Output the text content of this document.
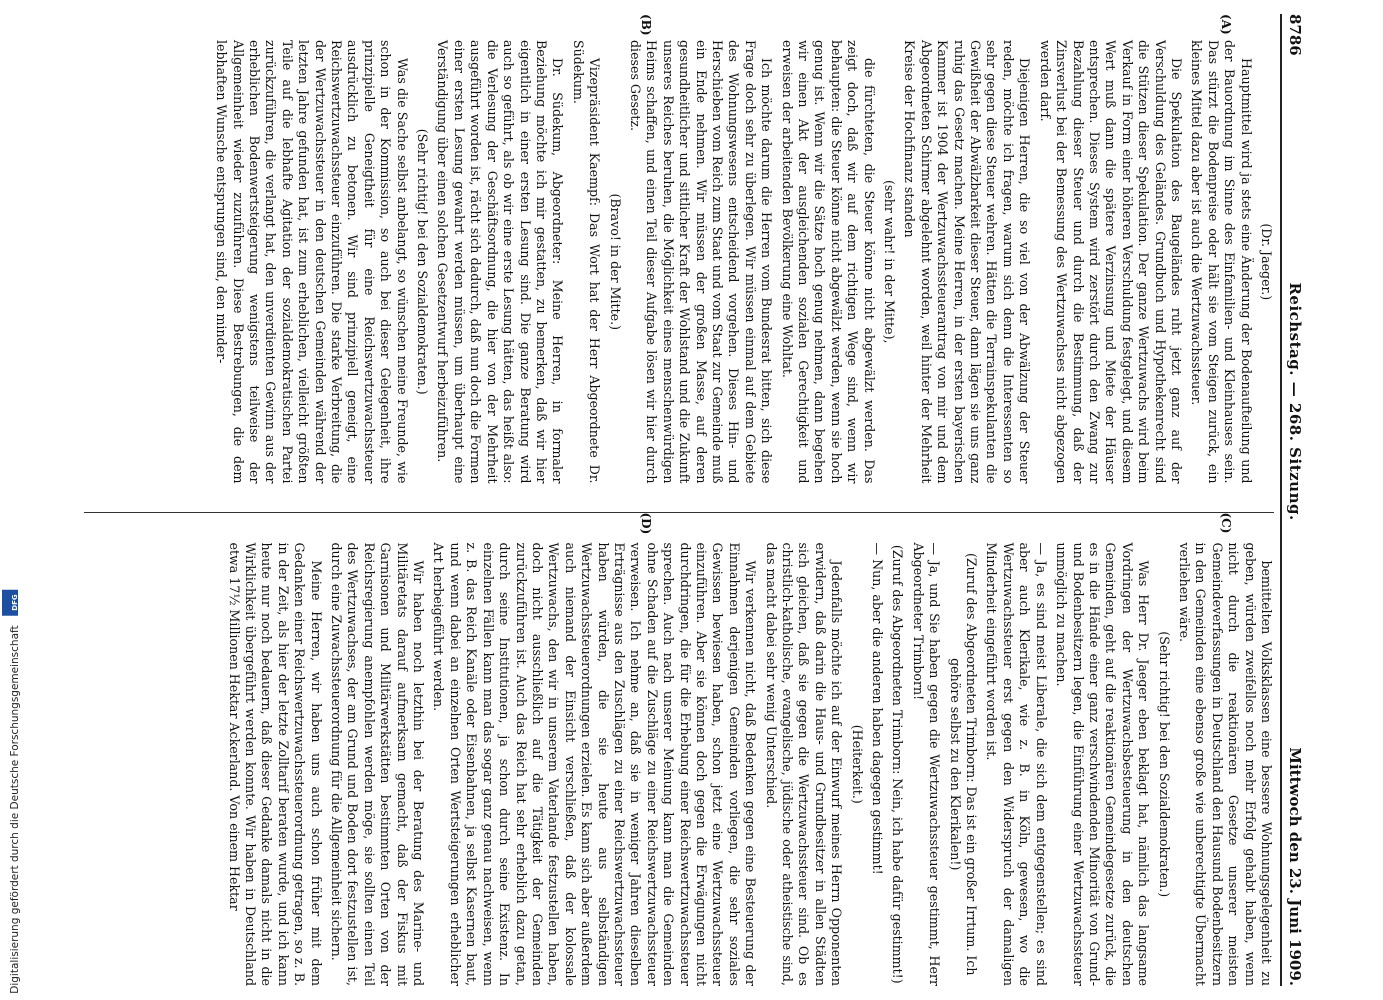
Digitalisierung gefördert durch die Deutsche Forschungsgemeinschaft DFG
8786
Reichstag. — 268. Sitzung.
Mittwoch den 23. Juni 1909.
(A)
(B)

(Dr. Jaeger.)

Hauptmittel wird ja stets eine Änderung der Bodenaufteilung und der Bauordnung im Sinne des Einfamilien- und Kleinhauses sein. Das stürzt die Bodenpreise oder hält sie vom Steigen zurück, ein kleines Mittel dazu aber ist auch die Wertzuwachssteuer.

Die Spekulation des Baugeländes ruht jetzt ganz auf der Verschuldung des Geländes. Grundbuch und Hypothekenrecht sind die Stützen dieser Spekulation. Der ganze Wertzuwachs wird beim Verkauf in Form einer höheren Verschuldung festgelegt, und diesem Wert muß dann die spätere Verzinsung und Miete der Häuser entsprechen. Dieses System wird zerstört durch den Zwang zur Bezahlung dieser Steuer und durch die Bestimmung, daß der Zinsverlust bei der Bemessung des Wertzuwachses nicht abgezogen werden darf.

Diejenigen Herren, die so viel von der Abwälzung der Steuer reden, möchte ich fragen, warum sich denn die Interessenten so sehr gegen diese Steuer wehren. Hätten die Terrainspekulanten die Gewißheit der Abwälzbarkeit dieser Steuer, dann lägen sie uns ganz ruhig das Gesetz machen. Meine Herren, in der ersten bayerischen Kammer ist 1904 der Wertzuwachssteuerantrag von mir und dem Abgeordneten Schirmer abgelehnt worden, weil hinter der Mehrheit Kreise der Hochfinanz standen

(sehr wahr! in der Mitte),

die fürchteten, die Steuer könne nicht abgewälzt werden. Das zeigt doch, daß wir auf dem richtigen Wege sind, wenn wir behaupten: die Steuer könne nicht abgewälzt werden, wenn sie hoch genug ist. Wenn wir die Sätze hoch genug nehmen, dann begehen wir einen Akt der ausgleichenden sozialen Gerechtigkeit und erweisen der arbeitenden Bevölkerung eine Wohltat.

Ich möchte darum die Herren vom Bundesrat bitten, sich diese Frage doch sehr zu überlegen. Wir müssen einmal auf dem Gebiete des Wohnungswesens entscheidend vorgehen. Dieses Hin- und Herschieben vom Reich zum Staat und vom Staat zur Gemeinde muß ein Ende nehmen. Wir müssen der großen Masse, auf deren gesundheitlicher und sittlicher Kraft der Wohlstand und die Zukunft unseres Reiches beruhen, die Möglichkeit eines menschenwürdigen Heims schaffen, und einen Teil dieser Aufgabe lösen wir hier durch dieses Gesetz.

(Bravo! in der Mitte.)

Vizepräsident Kaempf: Das Wort hat der Herr Abgeordnete Dr. Südekum.

Dr. Südekum, Abgeordneter: Meine Herren, in formaler Beziehung möchte ich mir gestatten, zu bemerken, daß wir hier eigentlich in einer ersten Lesung sind. Die ganze Beratung wird auch so geführt, als ob wir eine erste Lesung hätten, das heißt also: die Verlesung der Geschäftsordnung, die hier von der Mehrheit ausgeführt worden ist, rächt sich dadurch, daß nun doch die Formen einer ersten Lesung gewahrt werden müssen, um überhaupt eine Verständigung über einen solchen Gesetzentwurf herbeizuführen.

(Sehr richtig! bei den Sozialdemokraten.)

Was die Sache selbst anbelangt, so wünschen meine Freunde, wie schon in der Kommission, so auch bei dieser Gelegenheit, ihre prinzipielle Geneigtheit für eine Reichswertzuwachssteuer ausdrücklich zu betonen. Wir sind prinzipiell geneigt, eine Reichswertzuwachssteuer einzuführen. Die starke Verbreitung, die der Wertzuwachssteuer in den deutschen Gemeinden während der letzten Jahre gefunden hat, ist zum erheblichen, vielleicht größten Teile auf die lebhafte Agitation der sozialdemokratischen Partei zurückzuführen, die verlangt hat, den unverdienten Gewinn aus der erheblichen Bodenwertsteigerung wenigstens teilweise der Allgemeinheit wieder zuzuführen. Diese Bestrebungen, die dem lebhaften Wunsche entsprungen sind, den minder-

(C)
(D)

bemittelten Volksklassen eine bessere Wohnungsgelegenheit zu geben, würden zweifellos noch mehr Erfolg gehabt haben, wenn nicht durch die reaktionären Gesetze unserer meisten Gemeindeverfassungen in Deutschland den Hausund Bodenbesitzern in den Gemeinden eine ebenso große wie unberechtigte Übermacht verliehen wäre.

(Sehr richtig! bei den Sozialdemokraten.)

Was Herr Dr. Jaeger eben beklagt hat, nämlich das langsame Vordringen der Wertzuwachsbesteuerung in den deutschen Gemeinden, geht auf die reaktionären Gemeindegesetze zurück, die es in die Hände einer ganz verschwindenden Minorität von Grund- und Bodenbesitzern legen, die Einführung einer Wertzuwachssteuer unmöglich zu machen.

— Ja, es sind meist Liberale, die sich dem entgegenstellen; es sind aber auch Klerikale, wie z. B. in Köln, gewesen, wo die Wertzuwachssteuer erst gegen den Widerspruch der damaligen Minderheit eingeführt worden ist.

(Zuruf des Abgeordneten Trimborn: Das ist ein großer Irrtum. Ich gehöre selbst zu den Klerikalen!)

— Ja, und Sie haben gegen die Wertzuwachssteuer gestimmt, Herr Abgeordneter Trimborn!

(Zuruf des Abgeordneten Trimborn: Nein, ich habe dafür gestimmt!)

— Nun, aber die anderen haben dagegen gestimmt!

(Heiterkeit.)

Jedenfalls möchte ich auf der Einwurf meines Herrn Opponenten erwidern, daß darin die Haus- und Grundbesitzer in allen Städten sich gleichen, daß sie gegen die Wertzuwachssteuer sind. Ob es christlich-katholische, evangelische, jüdische oder atheistische sind, das macht dabei sehr wenig Unterschied.

Wir verkennen nicht, daß Bedenken gegen eine Besteuerung der Einnahmen derjenigen Gemeinden vorliegen, die sehr soziales Gewissen bewiesen haben, schon jetzt eine Wertzuwachssteuer einzuführen. Aber sie können doch gegen die Erwägungen nicht durchdringen, die für die Erhebung einer Reichswertzuwachssteuer sprechen. Auch nach unserer Meinung kann man die Gemeinden ohne Schaden auf die Zuschläge zu einer Reichswertzuwachssteuer verweisen. Ich nehme an, daß sie in weniger Jahren dieselben Erträgnisse aus den Zuschlägen zu einer Reichswertzuwachssteuer haben würden, die sie heute aus selbständigen Wertzuwachssteuerordnungen erzielen. Es kann sich aber außerdem auch niemand der Einsicht verschließen, daß der kolossale Wertzuwachs, den wir in unserem Vaterlande festzustellen haben, doch nicht ausschließlich auf die Tätigkeit der Gemeinden zurückzuführen ist. Auch das Reich hat sehr erheblich dazu getan, durch seine Institutionen, ja schon durch seine Existenz. In einzelnen Fällen kann man das sogar ganz genau nachweisen, wenn z. B. das Reich Kanäle oder Eisenbahnen, ja selbst Kasernen baut, und wenn dabei an einzelnen Orten Wertsteigerungen erheblicher Art herbeigeführt werden.

Wir haben noch letzthin bei der Beratung des Marine- und Militäretats darauf aufmerksam gemacht, daß der Fiskus mit Garnisonen und Militärwerkstätten bestimmten Orten von der Reichsregierung anempfohlen werden möge, sie sollten einen Teil des Wertzuwachses, der am Grund und Boden dort festzustellen ist, durch eine Zuwachssteuerordnung für die Allgemeinheit sichern.

Meine Herren, wir haben uns auch schon früher mit dem Gedanken einer Reichswertzuwachssteuerordnung getragen, so z. B. in der Zeit, als hier der letzte Zolltarif beraten wurde, und ich kann heute nur noch bedauern, daß dieser Gedanke damals nicht in die Wirklichkeit übergeführt werden konnte. Wir haben in Deutschland etwa 17½ Millionen Hektar Ackerland. Von einem Hektar
